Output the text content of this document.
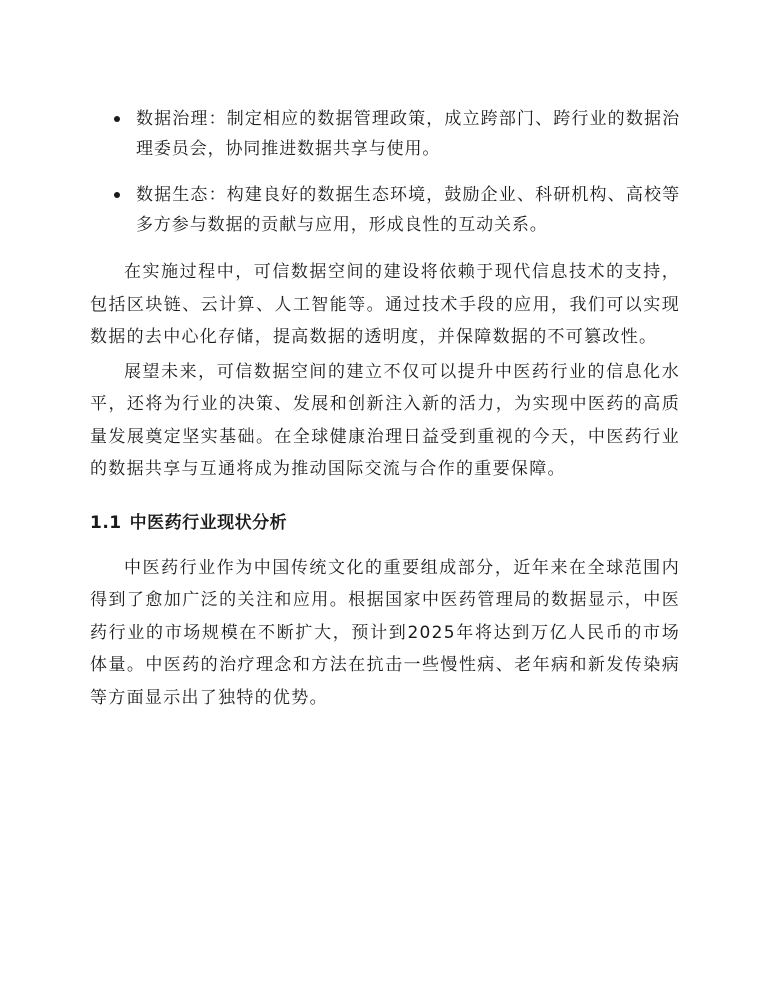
数据治理：制定相应的数据管理政策，成立跨部门、跨行业的数据治理委员会，协同推进数据共享与使用。
数据生态：构建良好的数据生态环境，鼓励企业、科研机构、高校等多方参与数据的贡献与应用，形成良性的互动关系。

在实施过程中，可信数据空间的建设将依赖于现代信息技术的支持，包括区块链、云计算、人工智能等。通过技术手段的应用，我们可以实现数据的去中心化存储，提高数据的透明度，并保障数据的不可篡改性。

展望未来，可信数据空间的建立不仅可以提升中医药行业的信息化水平，还将为行业的决策、发展和创新注入新的活力，为实现中医药的高质量发展奠定坚实基础。在全球健康治理日益受到重视的今天，中医药行业的数据共享与互通将成为推动国际交流与合作的重要保障。

1.1 中医药行业现状分析

中医药行业作为中国传统文化的重要组成部分，近年来在全球范围内得到了愈加广泛的关注和应用。根据国家中医药管理局的数据显示，中医药行业的市场规模在不断扩大，预计到2025年将达到万亿人民币的市场体量。中医药的治疗理念和方法在抗击一些慢性病、老年病和新发传染病等方面显示出了独特的优势。
